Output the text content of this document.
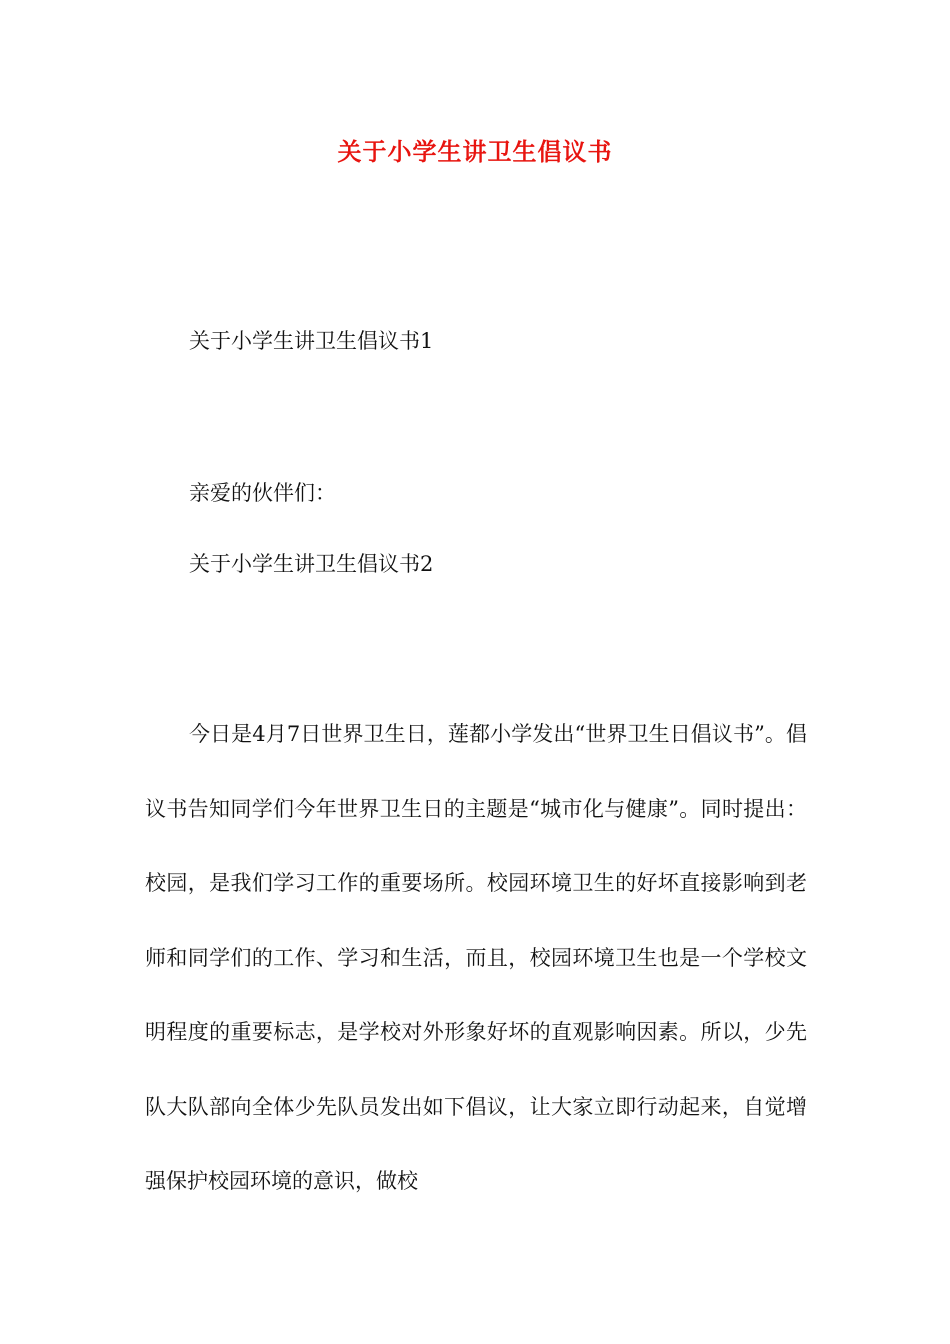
关于小学生讲卫生倡议书
关于小学生讲卫生倡议书1
亲爱的伙伴们：
关于小学生讲卫生倡议书2

今日是4月7日世界卫生日，莲都小学发出“世界卫生日倡议书”。倡议书告知同学们今年世界卫生日的主题是“城市化与健康”。同时提出：校园，是我们学习工作的重要场所。校园环境卫生的好坏直接影响到老师和同学们的工作、学习和生活，而且，校园环境卫生也是一个学校文明程度的重要标志，是学校对外形象好坏的直观影响因素。所以，少先队大队部向全体少先队员发出如下倡议，让大家立即行动起来，自觉增强保护校园环境的意识，做校
